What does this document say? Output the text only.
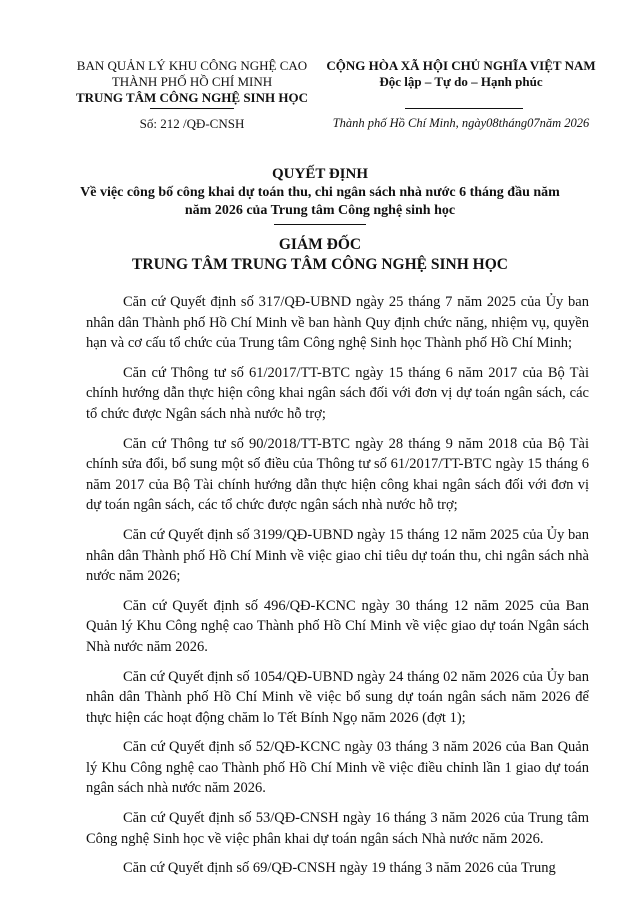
BAN QUẢN LÝ KHU CÔNG NGHỆ CAO
THÀNH PHỐ HỒ CHÍ MINH
TRUNG TÂM CÔNG NGHỆ SINH HỌC
CỘNG HÒA XÃ HỘI CHỦ NGHĨA VIỆT NAM
Độc lập – Tự do – Hạnh phúc
Số: 212 /QĐ-CNSH	Thành phố Hồ Chí Minh, ngày08tháng07năm 2026
QUYẾT ĐỊNH
Về việc công bố công khai dự toán thu, chi ngân sách nhà nước 6 tháng đầu năm
năm 2026 của Trung tâm Công nghệ sinh học
GIÁM ĐỐC
TRUNG TÂM TRUNG TÂM CÔNG NGHỆ SINH HỌC

Căn cứ Quyết định số 317/QĐ-UBND ngày 25 tháng 7 năm 2025 của Ủy ban nhân dân Thành phố Hồ Chí Minh về ban hành Quy định chức năng, nhiệm vụ, quyền hạn và cơ cấu tổ chức của Trung tâm Công nghệ Sinh học Thành phố Hồ Chí Minh;

Căn cứ Thông tư số 61/2017/TT-BTC ngày 15 tháng 6 năm 2017 của Bộ Tài chính hướng dẫn thực hiện công khai ngân sách đối với đơn vị dự toán ngân sách, các tổ chức được Ngân sách nhà nước hỗ trợ;

Căn cứ Thông tư số 90/2018/TT-BTC ngày 28 tháng 9 năm 2018 của Bộ Tài chính sửa đổi, bổ sung một số điều của Thông tư số 61/2017/TT-BTC ngày 15 tháng 6 năm 2017 của Bộ Tài chính hướng dẫn thực hiện công khai ngân sách đối với đơn vị dự toán ngân sách, các tổ chức được ngân sách nhà nước hỗ trợ;

Căn cứ Quyết định số 3199/QĐ-UBND ngày 15 tháng 12 năm 2025 của Ủy ban nhân dân Thành phố Hồ Chí Minh về việc giao chỉ tiêu dự toán thu, chi ngân sách nhà nước năm 2026;

Căn cứ Quyết định số 496/QĐ-KCNC ngày 30 tháng 12 năm 2025 của Ban Quản lý Khu Công nghệ cao Thành phố Hồ Chí Minh về việc giao dự toán Ngân sách Nhà nước năm 2026.

Căn cứ Quyết định số 1054/QĐ-UBND ngày 24 tháng 02 năm 2026 của Ủy ban nhân dân Thành phố Hồ Chí Minh về việc bổ sung dự toán ngân sách năm 2026 để thực hiện các hoạt động chăm lo Tết Bính Ngọ năm 2026 (đợt 1);

Căn cứ Quyết định số 52/QĐ-KCNC ngày 03 tháng 3 năm 2026 của Ban Quản lý Khu Công nghệ cao Thành phố Hồ Chí Minh về việc điều chỉnh lần 1 giao dự toán ngân sách nhà nước năm 2026.

Căn cứ Quyết định số 53/QĐ-CNSH ngày 16 tháng 3 năm 2026 của Trung tâm Công nghệ Sinh học về việc phân khai dự toán ngân sách Nhà nước năm 2026.

Căn cứ Quyết định số 69/QĐ-CNSH ngày 19 tháng 3 năm 2026 của Trung
